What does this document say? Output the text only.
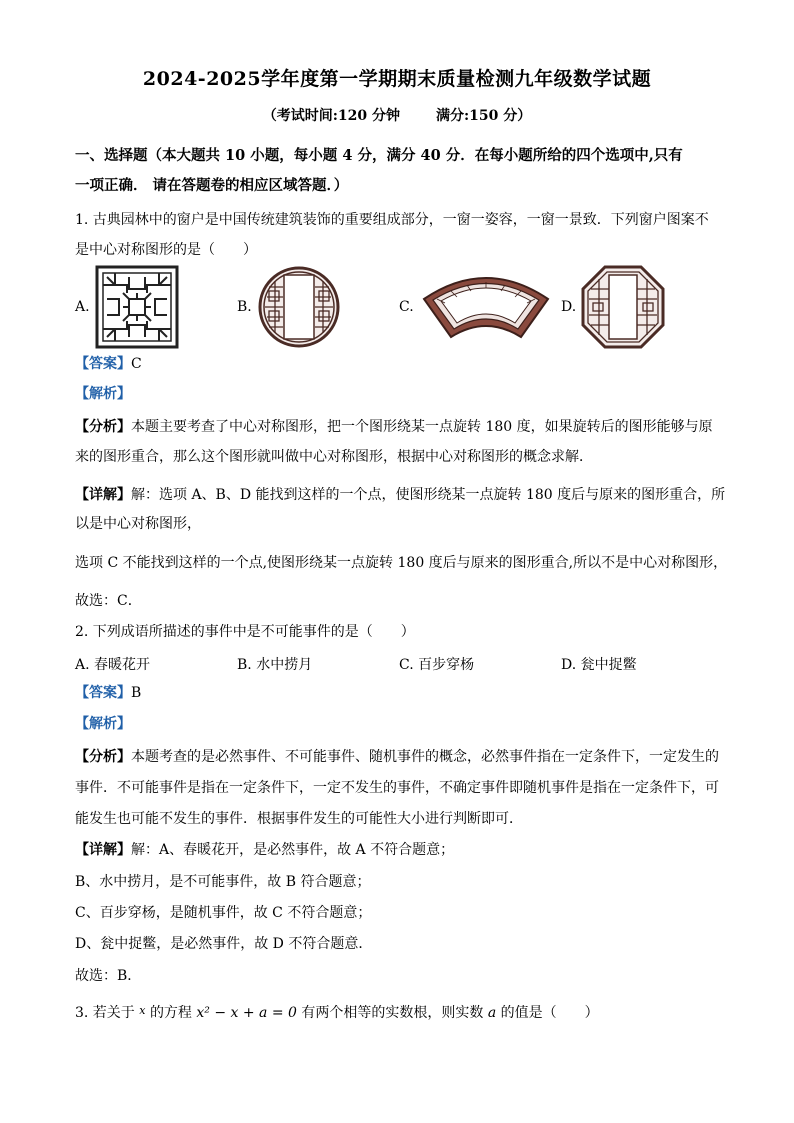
2024-2025学年度第一学期期末质量检测九年级数学试题
（考试时间:120 分钟	满分:150 分）
一、选择题（本大题共 10 小题，每小题 4 分，满分 40 分．在每小题所给的四个选项中,只有
一项正确． 请在答题卷的相应区域答题．）
1. 古典园林中的窗户是中国传统建筑装饰的重要组成部分，一窗一姿容，一窗一景致．下列窗户图案不
是中心对称图形的是（　　）
A.	B.	C.	D.
【答案】C
【解析】
【分析】本题主要考查了中心对称图形，把一个图形绕某一点旋转 180 度，如果旋转后的图形能够与原
来的图形重合，那么这个图形就叫做中心对称图形，根据中心对称图形的概念求解．
【详解】解：选项 A、B、D 能找到这样的一个点，使图形绕某一点旋转 180 度后与原来的图形重合，所
以是中心对称图形，
选项 C 不能找到这样的一个点,使图形绕某一点旋转 180 度后与原来的图形重合,所以不是中心对称图形，
故选：C．
2. 下列成语所描述的事件中是不可能事件的是（　　）
A. 春暖花开	B. 水中捞月	C. 百步穿杨	D. 瓮中捉鳖
【答案】B
【解析】
【分析】本题考查的是必然事件、不可能事件、随机事件的概念，必然事件指在一定条件下，一定发生的
事件．不可能事件是指在一定条件下，一定不发生的事件，不确定事件即随机事件是指在一定条件下，可
能发生也可能不发生的事件．根据事件发生的可能性大小进行判断即可．
【详解】解：A、春暖花开，是必然事件，故 A 不符合题意；
B、水中捞月，是不可能事件，故 B 符合题意；
C、百步穿杨，是随机事件，故 C 不符合题意；
D、瓮中捉鳖，是必然事件，故 D 不符合题意．
故选：B．
3. 若关于 $^x$ 的方程 x² − x + a = 0 有两个相等的实数根，则实数 a 的值是（　　）
